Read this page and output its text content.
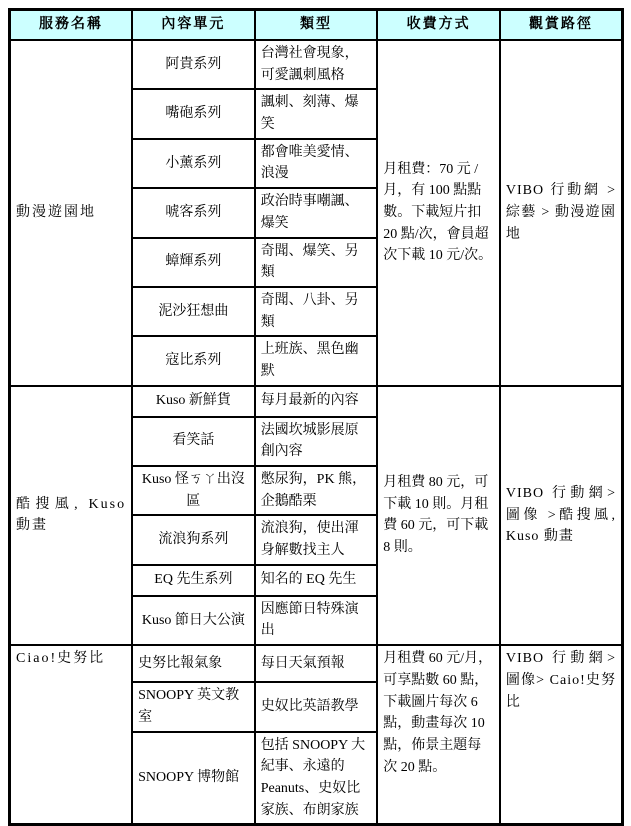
服務名稱	內容單元	類型	收費方式	觀賞路徑
動漫遊園地	阿貴系列	台灣社會現象，可愛諷刺風格	月租費：70 元 / 月，有 100 點點數。下載短片扣 20 點/次，會員超次下載 10 元/次。	VIBO 行動網 > 綜藝 > 動漫遊園地
	嘴砲系列	諷刺、刻薄、爆笑		
	小薰系列	都會唯美愛情、浪漫		
	唬客系列	政治時事嘲諷、爆笑		
	蟑輝系列	奇聞、爆笑、另類		
	泥沙狂想曲	奇聞、八卦、另類		
	寇比系列	上班族、黑色幽默		
酷搜風, Kuso 動畫	Kuso 新鮮貨	每月最新的內容	月租費 80 元，可下載 10 則。月租費 60 元，可下載 8 則。	VIBO 行動網>圖像 >酷搜風, Kuso 動畫
	看笑話	法國坎城影展原創內容		
	Kuso 怪ㄎㄚ出沒區	憋尿狗，PK 熊，企鵝酷栗		
	流浪狗系列	流浪狗，使出渾身解數找主人		
	EQ 先生系列	知名的 EQ 先生		
	Kuso 節日大公演	因應節日特殊演出		
Ciao!史努比	史努比報氣象	每日天氣預報	月租費 60 元/月，可享點數 60 點，下載圖片每次 6 點，動畫每次 10 點，佈景主題每次 20 點。	VIBO 行動網>圖像> Caio!史努比
	SNOOPY 英文教室	史奴比英語教學		
	SNOOPY 博物館	包括 SNOOPY 大紀事、永遠的 Peanuts、史奴比家族、布朗家族		
